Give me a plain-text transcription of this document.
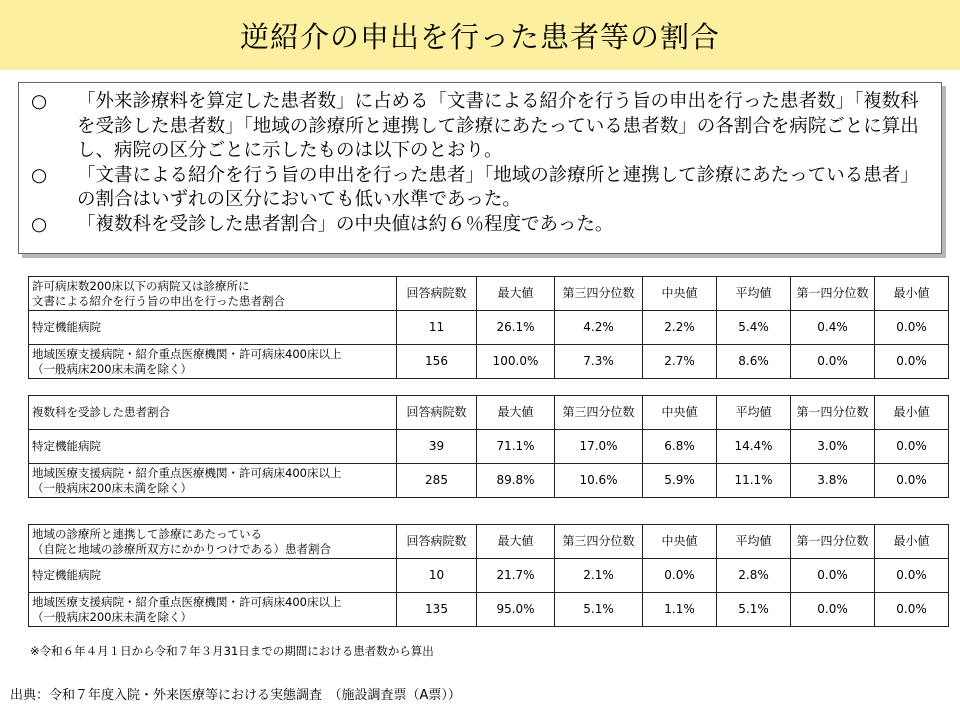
逆紹介の申出を行った患者等の割合
○	「外来診療料を算定した患者数」に占める「文書による紹介を行う旨の申出を行った患者数」「複数科を受診した患者数」「地域の診療所と連携して診療にあたっている患者数」の各割合を病院ごとに算出し、病院の区分ごとに示したものは以下のとおり。
○	「文書による紹介を行う旨の申出を行った患者」「地域の診療所と連携して診療にあたっている患者」の割合はいずれの区分においても低い水準であった。
○	「複数科を受診した患者割合」の中央値は約６％程度であった。
許可病床数200床以下の病院又は診療所に
文書による紹介を行う旨の申出を行った患者割合	回答病院数	最大値	第三四分位数	中央値	平均値	第一四分位数	最小値
特定機能病院	11	26.1%	4.2%	2.2%	5.4%	0.4%	0.0%
地域医療支援病院・紹介重点医療機関・許可病床400床以上
（一般病床200床未満を除く）	156	100.0%	7.3%	2.7%	8.6%	0.0%	0.0%
複数科を受診した患者割合	回答病院数	最大値	第三四分位数	中央値	平均値	第一四分位数	最小値
特定機能病院	39	71.1%	17.0%	6.8%	14.4%	3.0%	0.0%
地域医療支援病院・紹介重点医療機関・許可病床400床以上
（一般病床200床未満を除く）	285	89.8%	10.6%	5.9%	11.1%	3.8%	0.0%
地域の診療所と連携して診療にあたっている
（自院と地域の診療所双方にかかりつけである）患者割合	回答病院数	最大値	第三四分位数	中央値	平均値	第一四分位数	最小値
特定機能病院	10	21.7%	2.1%	0.0%	2.8%	0.0%	0.0%
地域医療支援病院・紹介重点医療機関・許可病床400床以上
（一般病床200床未満を除く）	135	95.0%	5.1%	1.1%	5.1%	0.0%	0.0%
※令和６年４月１日から令和７年３月31日までの期間における患者数から算出
出典：令和７年度入院・外来医療等における実態調査　（施設調査票（A票））
